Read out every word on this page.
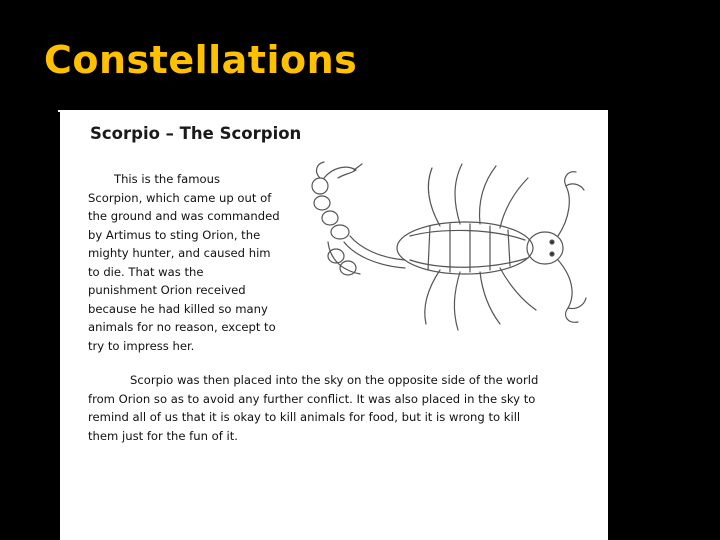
Constellations
Scorpio – The Scorpion

This is the famous
Scorpion, which came up out of
the ground and was commanded
by Artimus to sting Orion, the
mighty hunter, and caused him
to die. That was the
punishment Orion received
because he had killed so many
animals for no reason, except to
try to impress her.

Scorpio was then placed into the sky on the opposite side of the world
from Orion so as to avoid any further conflict. It was also placed in the sky to
remind all of us that it is okay to kill animals for food, but it is wrong to kill
them just for the fun of it.
